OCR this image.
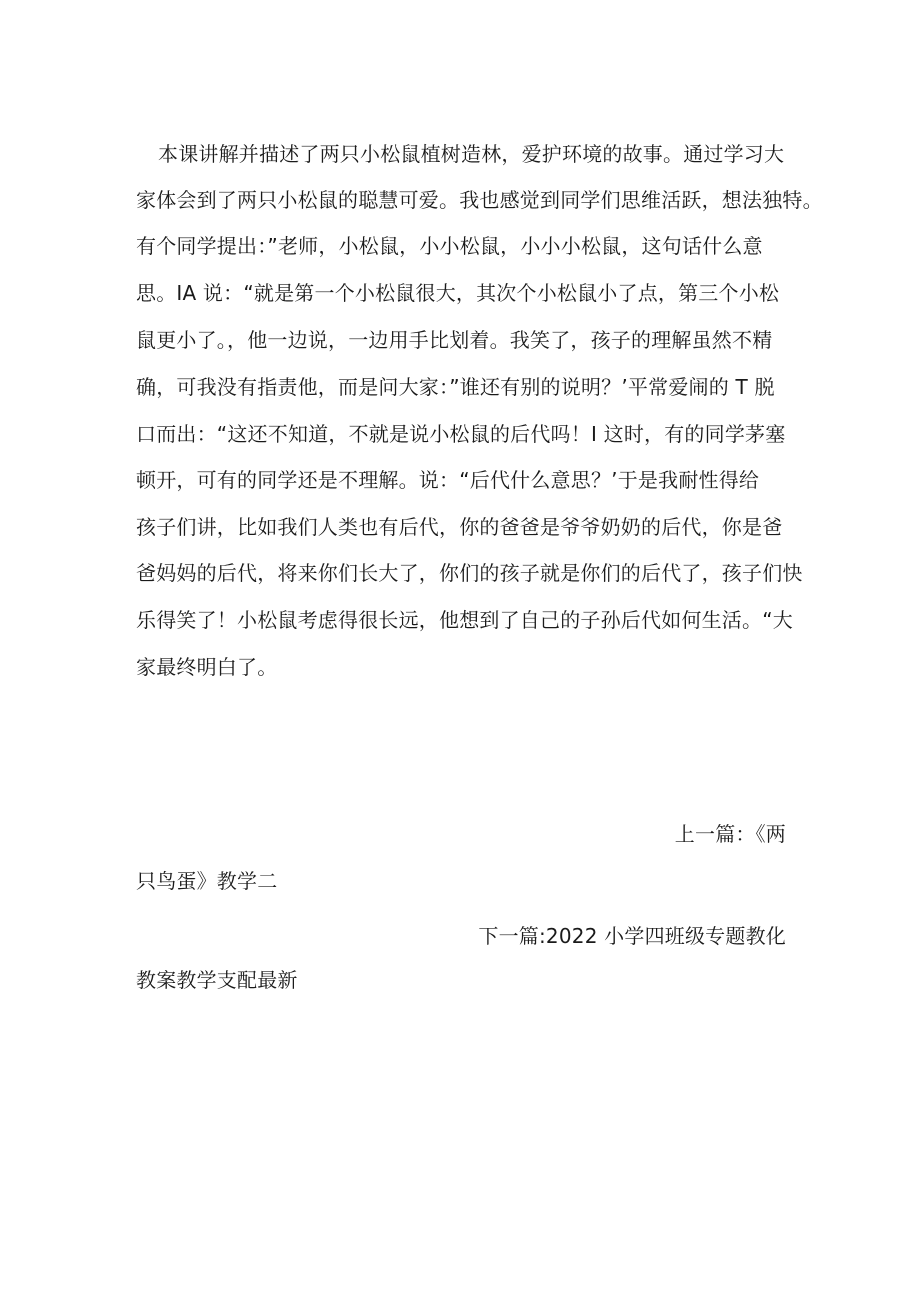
本课讲解并描述了两只小松鼠植树造林，爱护环境的故事。通过学习大
家体会到了两只小松鼠的聪慧可爱。我也感觉到同学们思维活跃，想法独特。
有个同学提出：”老师，小松鼠，小小松鼠，小小小松鼠，这句话什么意
思。IA 说：“就是第一个小松鼠很大，其次个小松鼠小了点，第三个小松
鼠更小了。，他一边说，一边用手比划着。我笑了，孩子的理解虽然不精
确，可我没有指责他，而是问大家：”谁还有别的说明？’平常爱闹的 T 脱
口而出：“这还不知道，不就是说小松鼠的后代吗！I 这时，有的同学茅塞
顿开，可有的同学还是不理解。说：“后代什么意思？’于是我耐性得给
孩子们讲，比如我们人类也有后代，你的爸爸是爷爷奶奶的后代，你是爸
爸妈妈的后代，将来你们长大了，你们的孩子就是你们的后代了，孩子们快
乐得笑了！小松鼠考虑得很长远，他想到了自己的子孙后代如何生活。“大
家最终明白了。
上一篇：《两
只鸟蛋》教学二
下一篇:2022 小学四班级专题教化
教案教学支配最新
